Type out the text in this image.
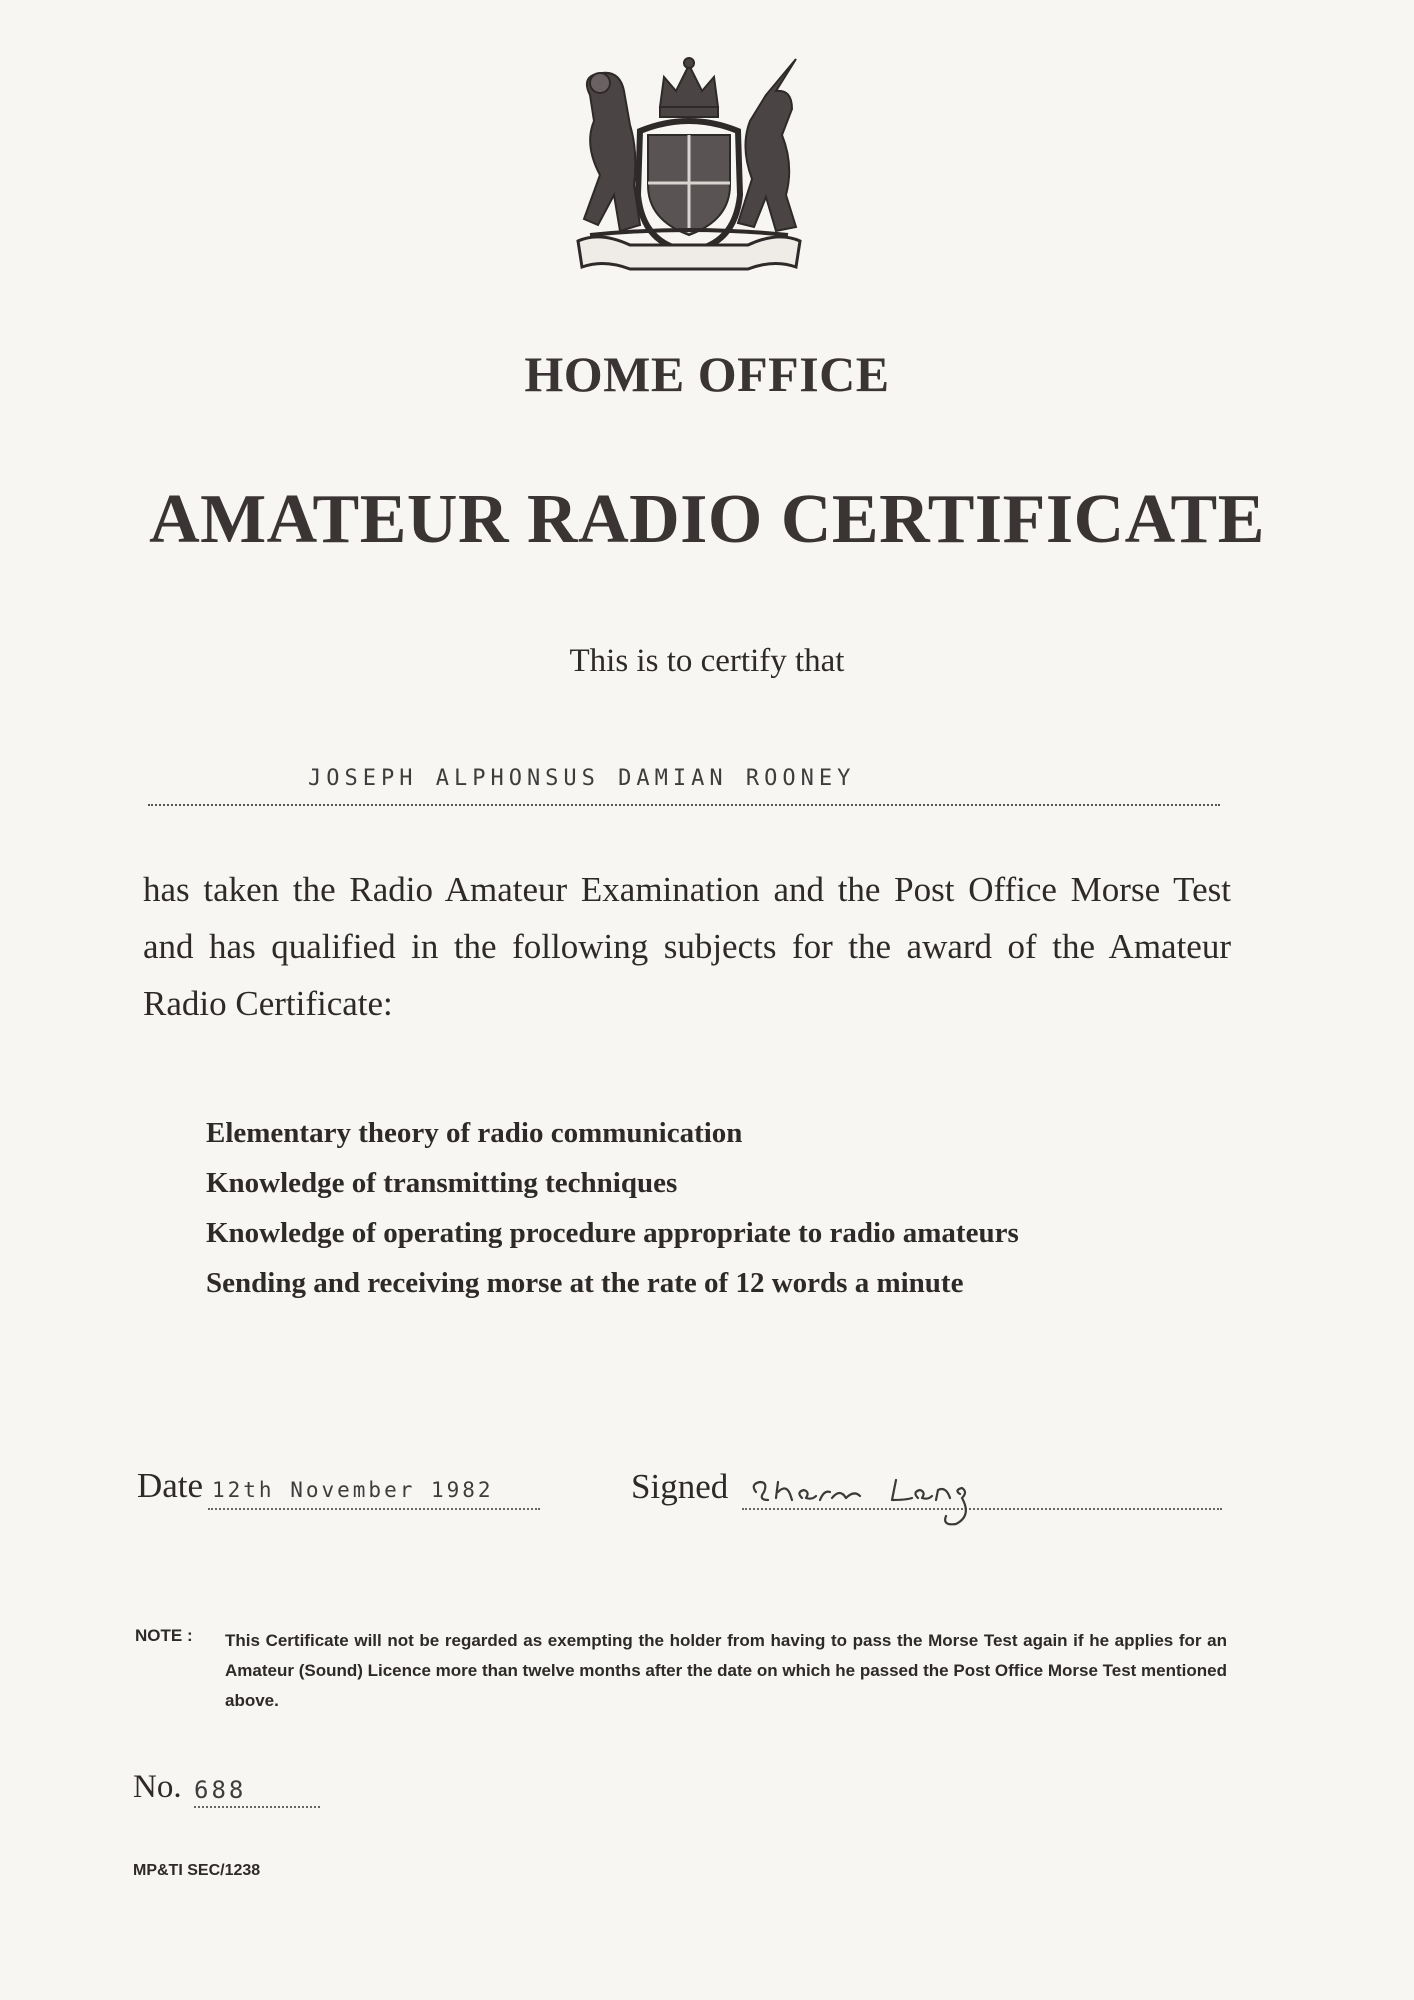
HOME OFFICE
AMATEUR RADIO CERTIFICATE
This is to certify that
JOSEPH ALPHONSUS DAMIAN ROONEY
has taken the Radio Amateur Examination and the Post Office Morse Test and has qualified in the following subjects for the award of the Amateur Radio Certificate:
Elementary theory of radio communication
Knowledge of transmitting techniques
Knowledge of operating procedure appropriate to radio amateurs
Sending and receiving morse at the rate of 12 words a minute
Date 12th November 1982	Signed
NOTE : This Certificate will not be regarded as exempting the holder from having to pass the Morse Test again if he applies for an Amateur (Sound) Licence more than twelve months after the date on which he passed the Post Office Morse Test mentioned above.
No. 688
MP&TI SEC/1238
